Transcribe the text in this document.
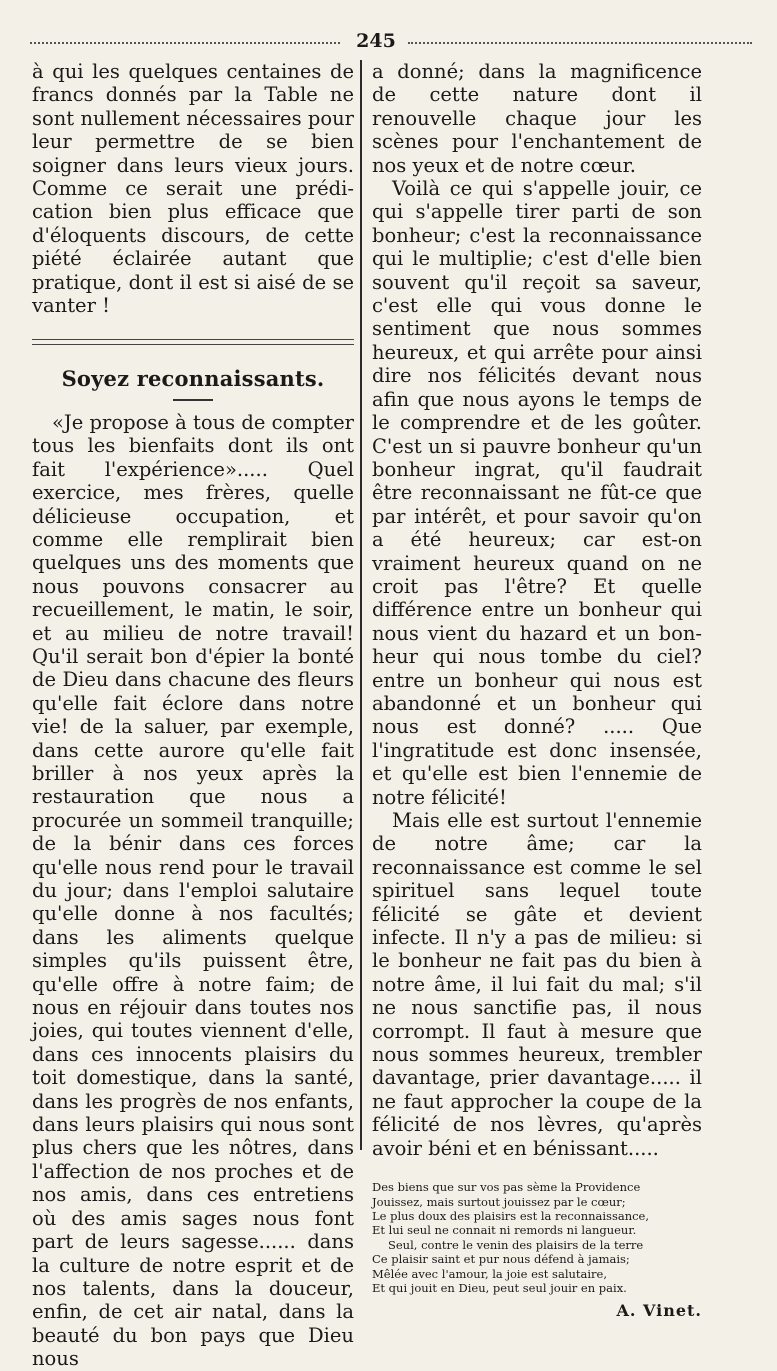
245

à qui les quelques centaines de francs donnés par la Table ne sont nullement nécessaires pour leur permettre de se bien soigner dans leurs vieux jours. Comme ce serait une prédication bien plus efficace que d'éloquents discours, de cette piété éclairée autant que pratique, dont il est si aisé de se vanter !

Soyez reconnaissants.

«Je propose à tous de compter tous les bienfaits dont ils ont fait l'expérience»..... Quel exercice, mes frères, quelle délicieuse occupation, et comme elle remplirait bien quelques uns des moments que nous pouvons consacrer au recueillement, le matin, le soir, et au milieu de notre travail! Qu'il serait bon d'épier la bonté de Dieu dans chacune des fleurs qu'elle fait éclore dans notre vie! de la saluer, par exemple, dans cette aurore qu'elle fait briller à nos yeux après la restauration que nous a procurée un sommeil tranquille; de la bénir dans ces forces qu'elle nous rend pour le travail du jour; dans l'emploi salutaire qu'elle donne à nos facultés; dans les aliments quelque simples qu'ils puissent être, qu'elle offre à notre faim; de nous en réjouir dans toutes nos joies, qui toutes viennent d'elle, dans ces innocents plaisirs du toit domestique, dans la santé, dans les progrès de nos enfants, dans leurs plaisirs qui nous sont plus chers que les nôtres, dans l'affection de nos proches et de nos amis, dans ces entretiens où des amis sages nous font part de leurs sagesse...... dans la culture de notre esprit et de nos talents, dans la douceur, enfin, de cet air natal, dans la beauté du bon pays que Dieu nous

a donné; dans la magnificence de cette nature dont il renouvelle chaque jour les scènes pour l'enchantement de nos yeux et de notre cœur.

Voilà ce qui s'appelle jouir, ce qui s'appelle tirer parti de son bonheur; c'est la reconnaissance qui le multiplie; c'est d'elle bien souvent qu'il reçoit sa saveur, c'est elle qui vous donne le sentiment que nous sommes heureux, et qui arrête pour ainsi dire nos félicités devant nous afin que nous ayons le temps de le comprendre et de les goûter. C'est un si pauvre bonheur qu'un bonheur ingrat, qu'il faudrait être reconnaissant ne fût-ce que par intérêt, et pour savoir qu'on a été heureux; car est-on vraiment heureux quand on ne croit pas l'être? Et quelle différence entre un bonheur qui nous vient du hazard et un bonheur qui nous tombe du ciel? entre un bonheur qui nous est abandonné et un bonheur qui nous est donné? ..... Que l'ingratitude est donc insensée, et qu'elle est bien l'ennemie de notre félicité!

Mais elle est surtout l'ennemie de notre âme; car la reconnaissance est comme le sel spirituel sans lequel toute félicité se gâte et devient infecte. Il n'y a pas de milieu: si le bonheur ne fait pas du bien à notre âme, il lui fait du mal; s'il ne nous sanctifie pas, il nous corrompt. Il faut à mesure que nous sommes heureux, trembler davantage, prier davantage..... il ne faut approcher la coupe de la félicité de nos lèvres, qu'après avoir béni et en bénissant.....

Des biens que sur vos pas sème la Providence
Jouissez, mais surtout jouissez par le cœur;
Le plus doux des plaisirs est la reconnaissance,
Et lui seul ne connait ni remords ni langueur.
Seul, contre le venin des plaisirs de la terre
Ce plaisir saint et pur nous défend à jamais;
Mêlée avec l'amour, la joie est salutaire,
Et qui jouit en Dieu, peut seul jouir en paix.
A. Vinet.
